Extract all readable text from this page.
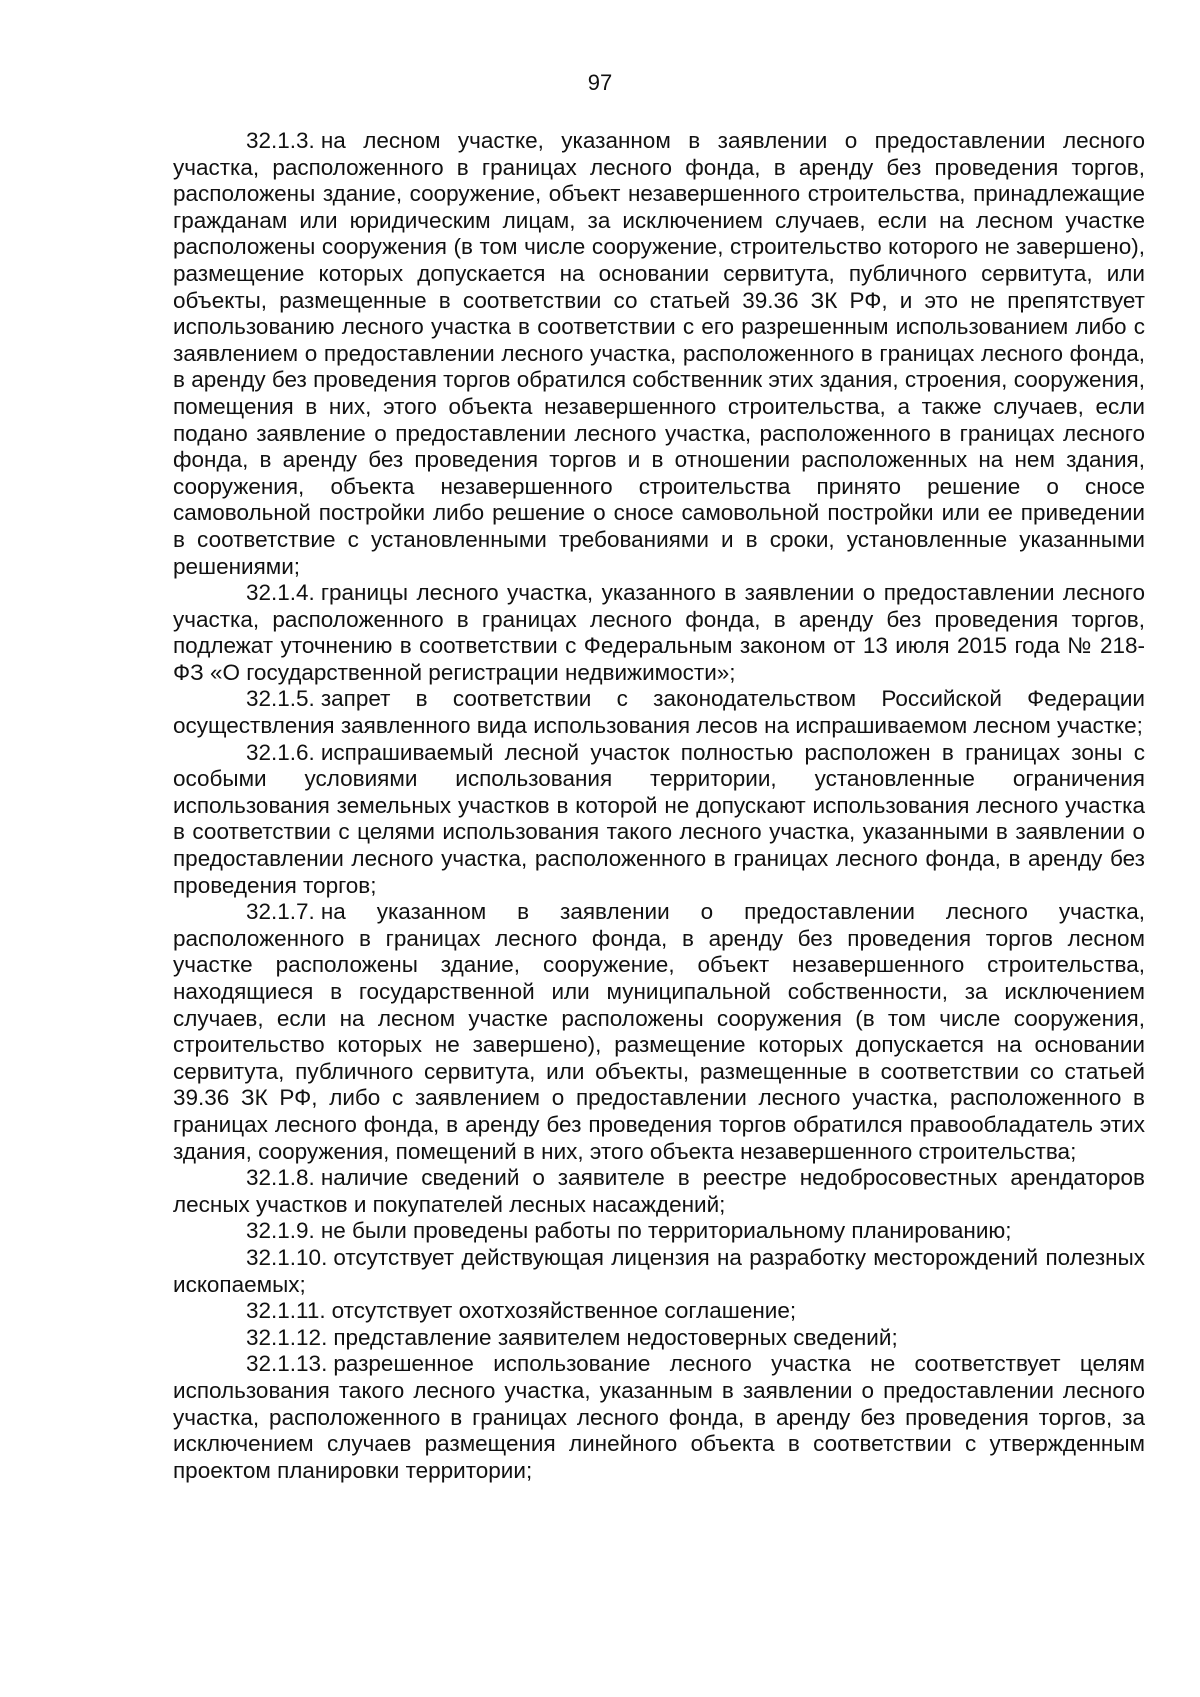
97

32.1.3. на лесном участке, указанном в заявлении о предоставлении лесного участка, расположенного в границах лесного фонда, в аренду без проведения торгов, расположены здание, сооружение, объект незавершенного строительства, принадлежащие гражданам или юридическим лицам, за исключением случаев, если на лесном участке расположены сооружения (в том числе сооружение, строительство которого не завершено), размещение которых допускается на основании сервитута, публичного сервитута, или объекты, размещенные в соответствии со статьей 39.36 ЗК РФ, и это не препятствует использованию лесного участка в соответствии с его разрешенным использованием либо с заявлением о предоставлении лесного участка, расположенного в границах лесного фонда, в аренду без проведения торгов обратился собственник этих здания, строения, сооружения, помещения в них, этого объекта незавершенного строительства, а также случаев, если подано заявление о предоставлении лесного участка, расположенного в границах лесного фонда, в аренду без проведения торгов и в отношении расположенных на нем здания, сооружения, объекта незавершенного строительства принято решение о сносе самовольной постройки либо решение о сносе самовольной постройки или ее приведении в соответствие с установленными требованиями и в сроки, установленные указанными решениями;

32.1.4. границы лесного участка, указанного в заявлении о предоставлении лесного участка, расположенного в границах лесного фонда, в аренду без проведения торгов, подлежат уточнению в соответствии с Федеральным законом от 13 июля 2015 года № 218-ФЗ «О государственной регистрации недвижимости»;

32.1.5. запрет в соответствии с законодательством Российской Федерации осуществления заявленного вида использования лесов на испрашиваемом лесном участке;

32.1.6. испрашиваемый лесной участок полностью расположен в границах зоны с особыми условиями использования территории, установленные ограничения использования земельных участков в которой не допускают использования лесного участка в соответствии с целями использования такого лесного участка, указанными в заявлении о предоставлении лесного участка, расположенного в границах лесного фонда, в аренду без проведения торгов;

32.1.7. на указанном в заявлении о предоставлении лесного участка, расположенного в границах лесного фонда, в аренду без проведения торгов лесном участке расположены здание, сооружение, объект незавершенного строительства, находящиеся в государственной или муниципальной собственности, за исключением случаев, если на лесном участке расположены сооружения (в том числе сооружения, строительство которых не завершено), размещение которых допускается на основании сервитута, публичного сервитута, или объекты, размещенные в соответствии со статьей 39.36 ЗК РФ, либо с заявлением о предоставлении лесного участка, расположенного в границах лесного фонда, в аренду без проведения торгов обратился правообладатель этих здания, сооружения, помещений в них, этого объекта незавершенного строительства;

32.1.8. наличие сведений о заявителе в реестре недобросовестных арендаторов лесных участков и покупателей лесных насаждений;

32.1.9. не были проведены работы по территориальному планированию;

32.1.10. отсутствует действующая лицензия на разработку месторождений полезных ископаемых;

32.1.11. отсутствует охотхозяйственное соглашение;

32.1.12. представление заявителем недостоверных сведений;

32.1.13. разрешенное использование лесного участка не соответствует целям использования такого лесного участка, указанным в заявлении о предоставлении лесного участка, расположенного в границах лесного фонда, в аренду без проведения торгов, за исключением случаев размещения линейного объекта в соответствии с утвержденным проектом планировки территории;
